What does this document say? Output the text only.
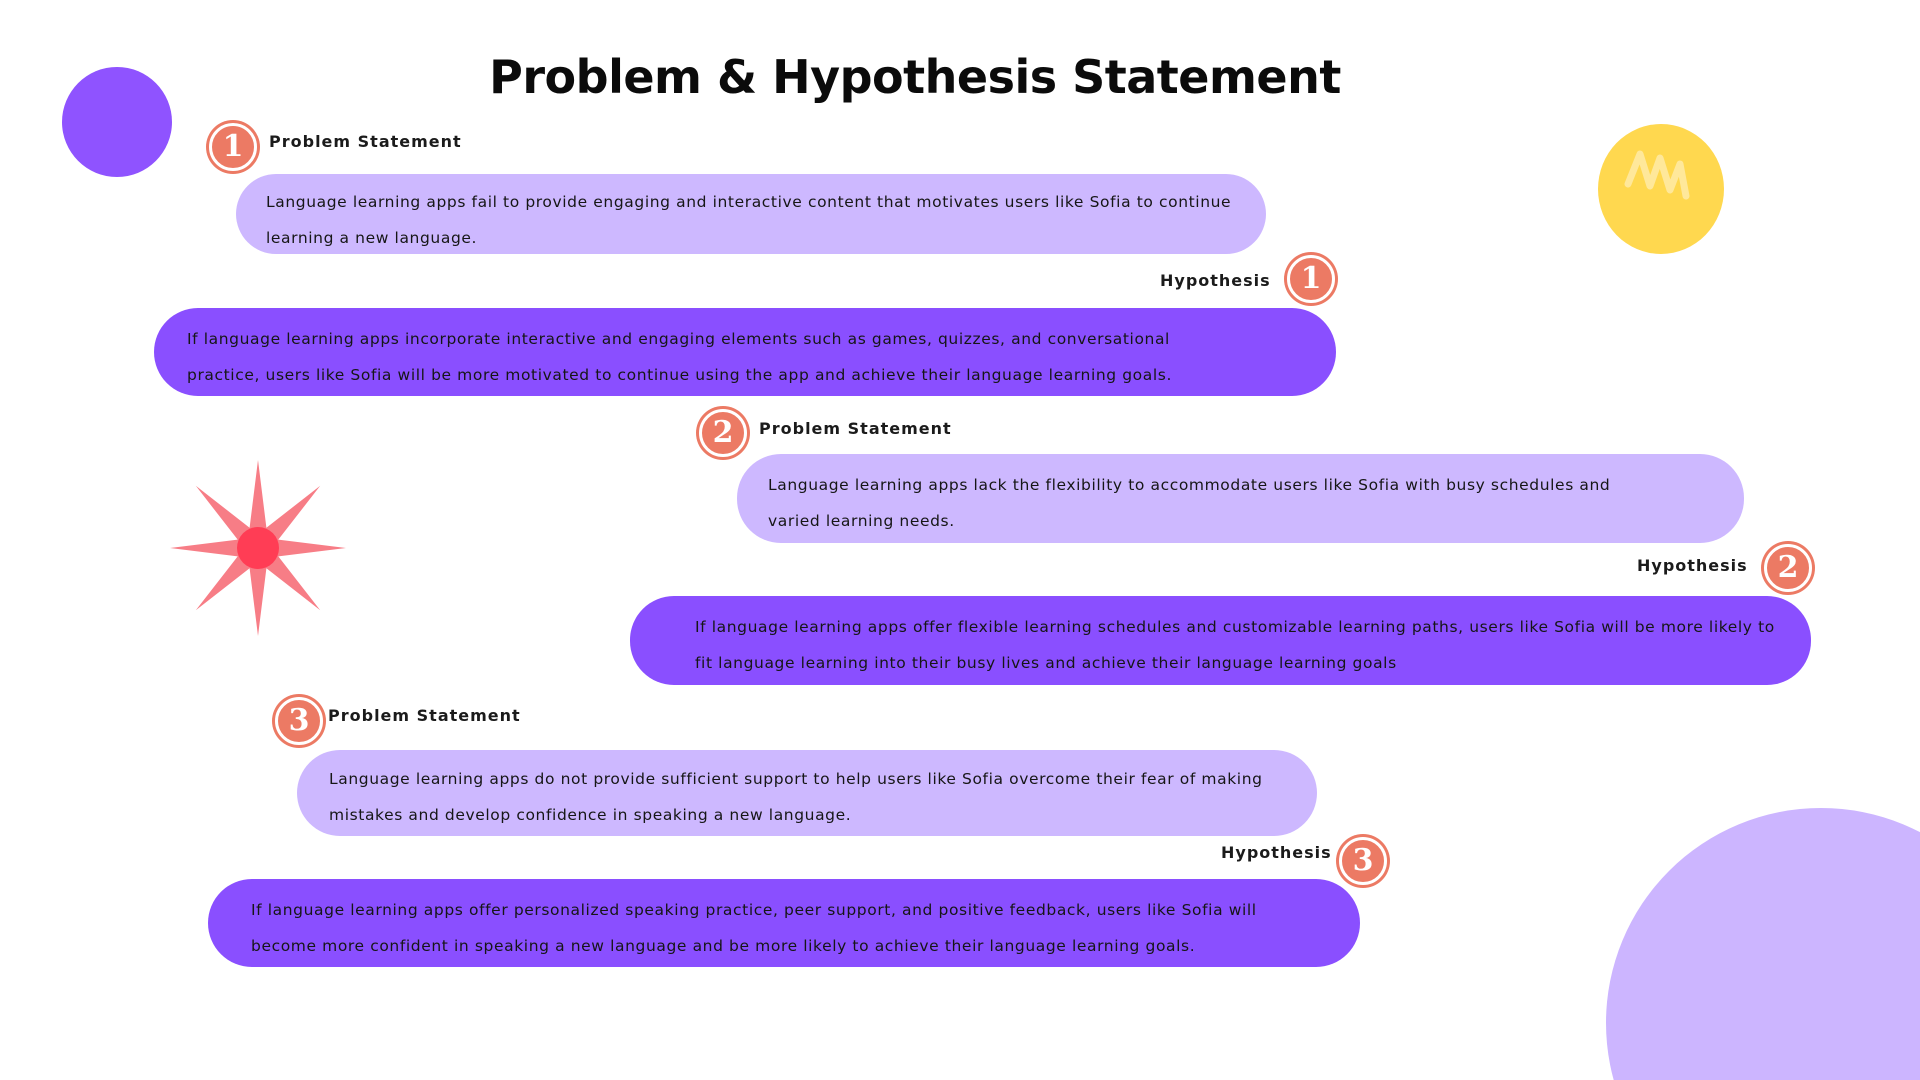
Problem & Hypothesis Statement
1	Problem Statement
Language learning apps fail to provide engaging and interactive content that motivates users like Sofia to continue learning a new language.
Hypothesis 1
If language learning apps incorporate interactive and engaging elements such as games, quizzes, and conversational practice, users like Sofia will be more motivated to continue using the app and achieve their language learning goals.
2	Problem Statement
Language learning apps lack the flexibility to accommodate users like Sofia with busy schedules and varied learning needs.
Hypothesis 2
If language learning apps offer flexible learning schedules and customizable learning paths, users like Sofia will be more likely to fit language learning into their busy lives and achieve their language learning goals
3	Problem Statement
Language learning apps do not provide sufficient support to help users like Sofia overcome their fear of making mistakes and develop confidence in speaking a new language.
Hypothesis 3
If language learning apps offer personalized speaking practice, peer support, and positive feedback, users like Sofia will become more confident in speaking a new language and be more likely to achieve their language learning goals.
